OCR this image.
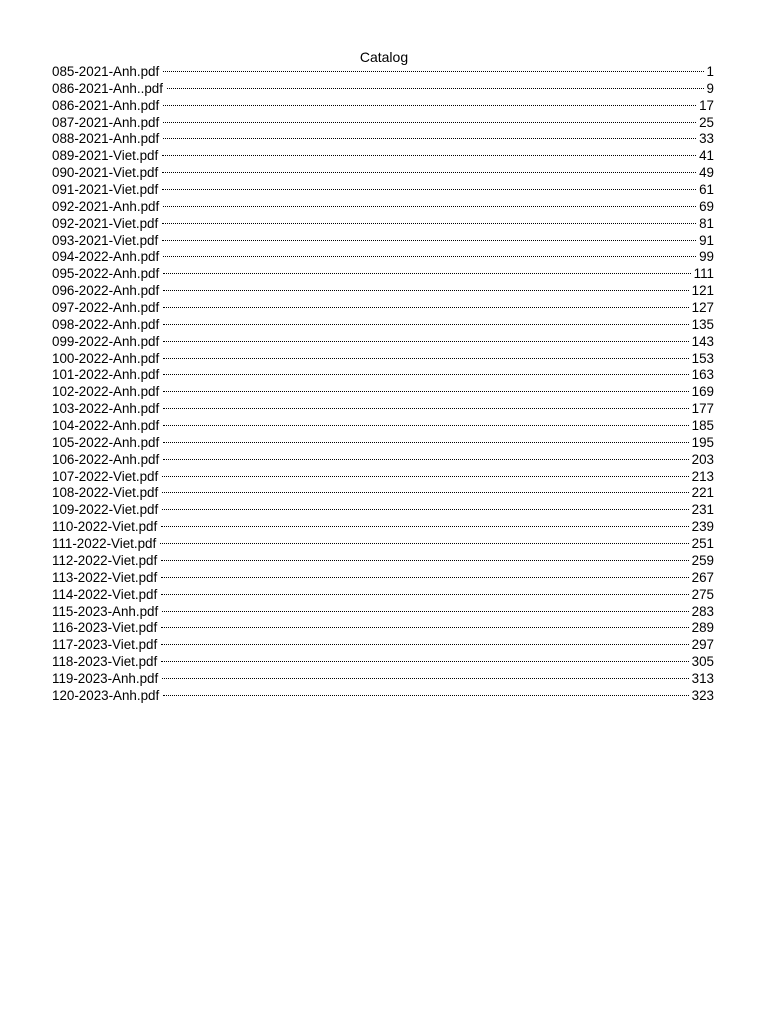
Catalog
085-2021-Anh.pdf	1
086-2021-Anh..pdf	9
086-2021-Anh.pdf	17
087-2021-Anh.pdf	25
088-2021-Anh.pdf	33
089-2021-Viet.pdf	41
090-2021-Viet.pdf	49
091-2021-Viet.pdf	61
092-2021-Anh.pdf	69
092-2021-Viet.pdf	81
093-2021-Viet.pdf	91
094-2022-Anh.pdf	99
095-2022-Anh.pdf	111
096-2022-Anh.pdf	121
097-2022-Anh.pdf	127
098-2022-Anh.pdf	135
099-2022-Anh.pdf	143
100-2022-Anh.pdf	153
101-2022-Anh.pdf	163
102-2022-Anh.pdf	169
103-2022-Anh.pdf	177
104-2022-Anh.pdf	185
105-2022-Anh.pdf	195
106-2022-Anh.pdf	203
107-2022-Viet.pdf	213
108-2022-Viet.pdf	221
109-2022-Viet.pdf	231
110-2022-Viet.pdf	239
111-2022-Viet.pdf	251
112-2022-Viet.pdf	259
113-2022-Viet.pdf	267
114-2022-Viet.pdf	275
115-2023-Anh.pdf	283
116-2023-Viet.pdf	289
117-2023-Viet.pdf	297
118-2023-Viet.pdf	305
119-2023-Anh.pdf	313
120-2023-Anh.pdf	323
